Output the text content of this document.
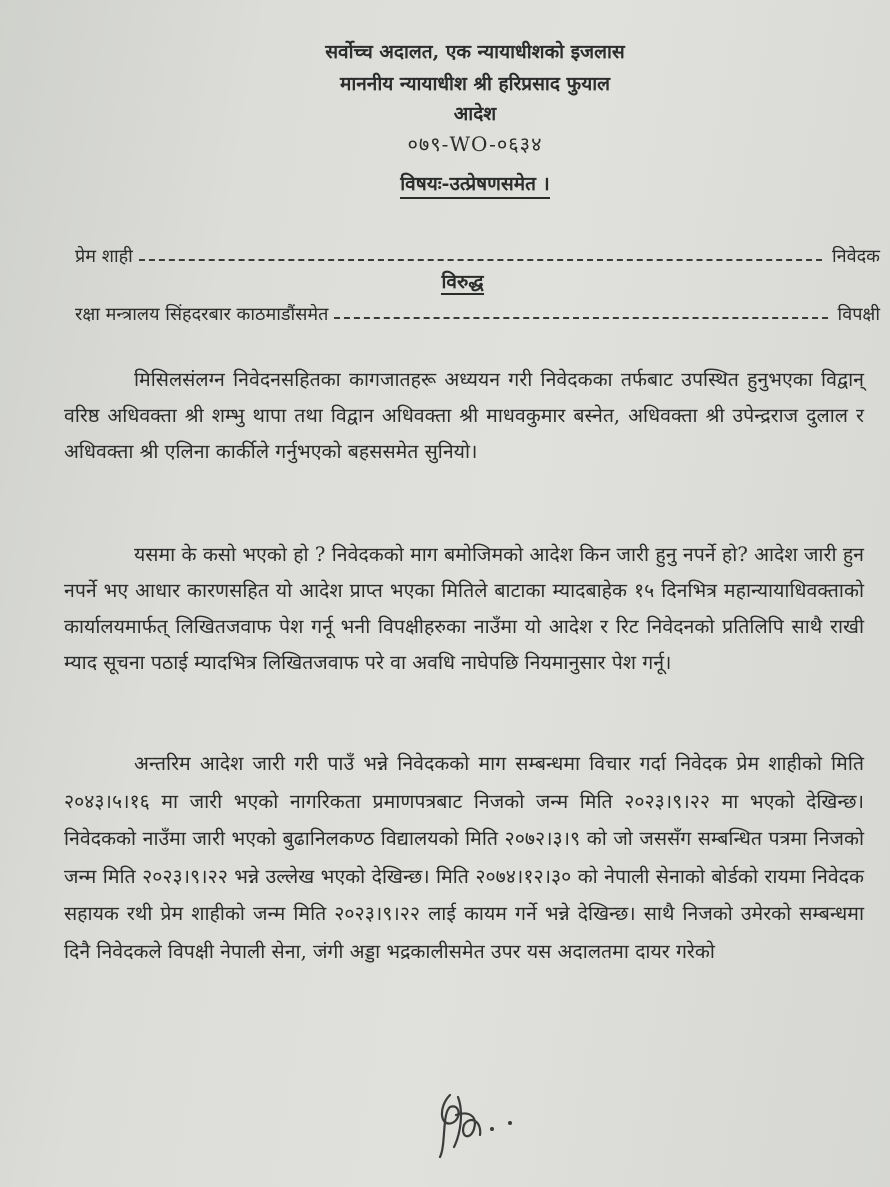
सर्वोच्च अदालत, एक न्यायाधीशको इजलास
माननीय न्यायाधीश श्री हरिप्रसाद फुयाल
आदेश
०७९-WO-०६३४
विषयः-उत्प्रेषणसमेत ।
प्रेम शाही	निवेदक
विरुद्ध
रक्षा मन्त्रालय सिंहदरबार काठमाडौंसमेत	विपक्षी

मिसिलसंलग्न निवेदनसहितका कागजातहरू अध्ययन गरी निवेदकका तर्फबाट उपस्थित हुनुभएका विद्वान् वरिष्ठ अधिवक्ता श्री शम्भु थापा तथा विद्वान अधिवक्ता श्री माधवकुमार बस्नेत, अधिवक्ता श्री उपेन्द्रराज दुलाल र अधिवक्ता श्री एलिना कार्कीले गर्नुभएको बहससमेत सुनियो।

यसमा के कसो भएको हो ? निवेदकको माग बमोजिमको आदेश किन जारी हुनु नपर्ने हो? आदेश जारी हुन नपर्ने भए आधार कारणसहित यो आदेश प्राप्त भएका मितिले बाटाका म्यादबाहेक १५ दिनभित्र महान्यायाधिवक्ताको कार्यालयमार्फत् लिखितजवाफ पेश गर्नू भनी विपक्षीहरुका नाउँमा यो आदेश र रिट निवेदनको प्रतिलिपि साथै राखी म्याद सूचना पठाई म्यादभित्र लिखितजवाफ परे वा अवधि नाघेपछि नियमानुसार पेश गर्नू।

अन्तरिम आदेश जारी गरी पाउँ भन्ने निवेदकको माग सम्बन्धमा विचार गर्दा निवेदक प्रेम शाहीको मिति २०४३।५।१६ मा जारी भएको नागरिकता प्रमाणपत्रबाट निजको जन्म मिति २०२३।९।२२ मा भएको देखिन्छ। निवेदकको नाउँमा जारी भएको बुढानिलकण्ठ विद्यालयको मिति २०७२।३।९ को जो जससँग सम्बन्धित पत्रमा निजको जन्म मिति २०२३।९।२२ भन्ने उल्लेख भएको देखिन्छ। मिति २०७४।१२।३० को नेपाली सेनाको बोर्डको रायमा निवेदक सहायक रथी प्रेम शाहीको जन्म मिति २०२३।९।२२ लाई कायम गर्ने भन्ने देखिन्छ। साथै निजको उमेरको सम्बन्धमा दिनै निवेदकले विपक्षी नेपाली सेना, जंगी अड्डा भद्रकालीसमेत उपर यस अदालतमा दायर गरेको
